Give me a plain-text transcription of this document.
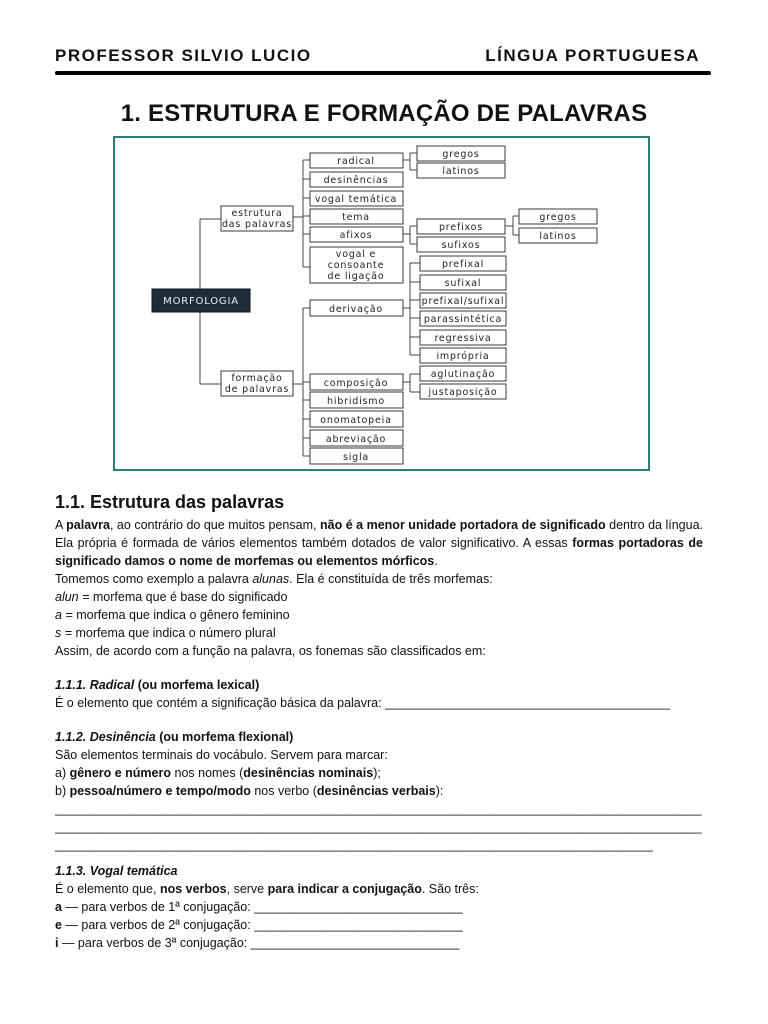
PROFESSOR SILVIO LUCIO	LÍNGUA PORTUGUESA
1. ESTRUTURA E FORMAÇÃO DE PALAVRAS
MORFOLOGIA
estrutura
das palavras
formação
de palavras
radical
desinências
vogal temática
tema
afixos
vogal e
consoante
de ligação
gregos
latinos
prefixos
sufixos
gregos
latinos
derivação
composição
hibridismo
onomatopeia
abreviação
sigla
prefixal
sufixal
prefixal/sufixal
parassintética
regressiva
imprópria
aglutinação
justaposição
1.1. Estrutura das palavras
A palavra, ao contrário do que muitos pensam, não é a menor unidade portadora de significado dentro da língua. Ela própria é formada de vários elementos também dotados de valor significativo. A essas formas portadoras de significado damos o nome de morfemas ou elementos mórficos.
Tomemos como exemplo a palavra alunas. Ela é constituída de três morfemas:
alun = morfema que é base do significado
a = morfema que indica o gênero feminino
s = morfema que indica o número plural
Assim, de acordo com a função na palavra, os fonemas são classificados em:
1.1.1. Radical (ou morfema lexical)
É o elemento que contém a significação básica da palavra: _________________________________________
1.1.2. Desinência (ou morfema flexional)
São elementos terminais do vocábulo. Servem para marcar:
a) gênero e número nos nomes (desinências nominais);
b) pessoa/número e tempo/modo nos verbo (desinências verbais):
_____________________________________________________________________________________________
_____________________________________________________________________________________________
______________________________________________________________________________________
1.1.3. Vogal temática
É o elemento que, nos verbos, serve para indicar a conjugação. São três:
a — para verbos de 1ª conjugação: ______________________________
e — para verbos de 2ª conjugação: ______________________________
i — para verbos de 3ª conjugação: ______________________________
